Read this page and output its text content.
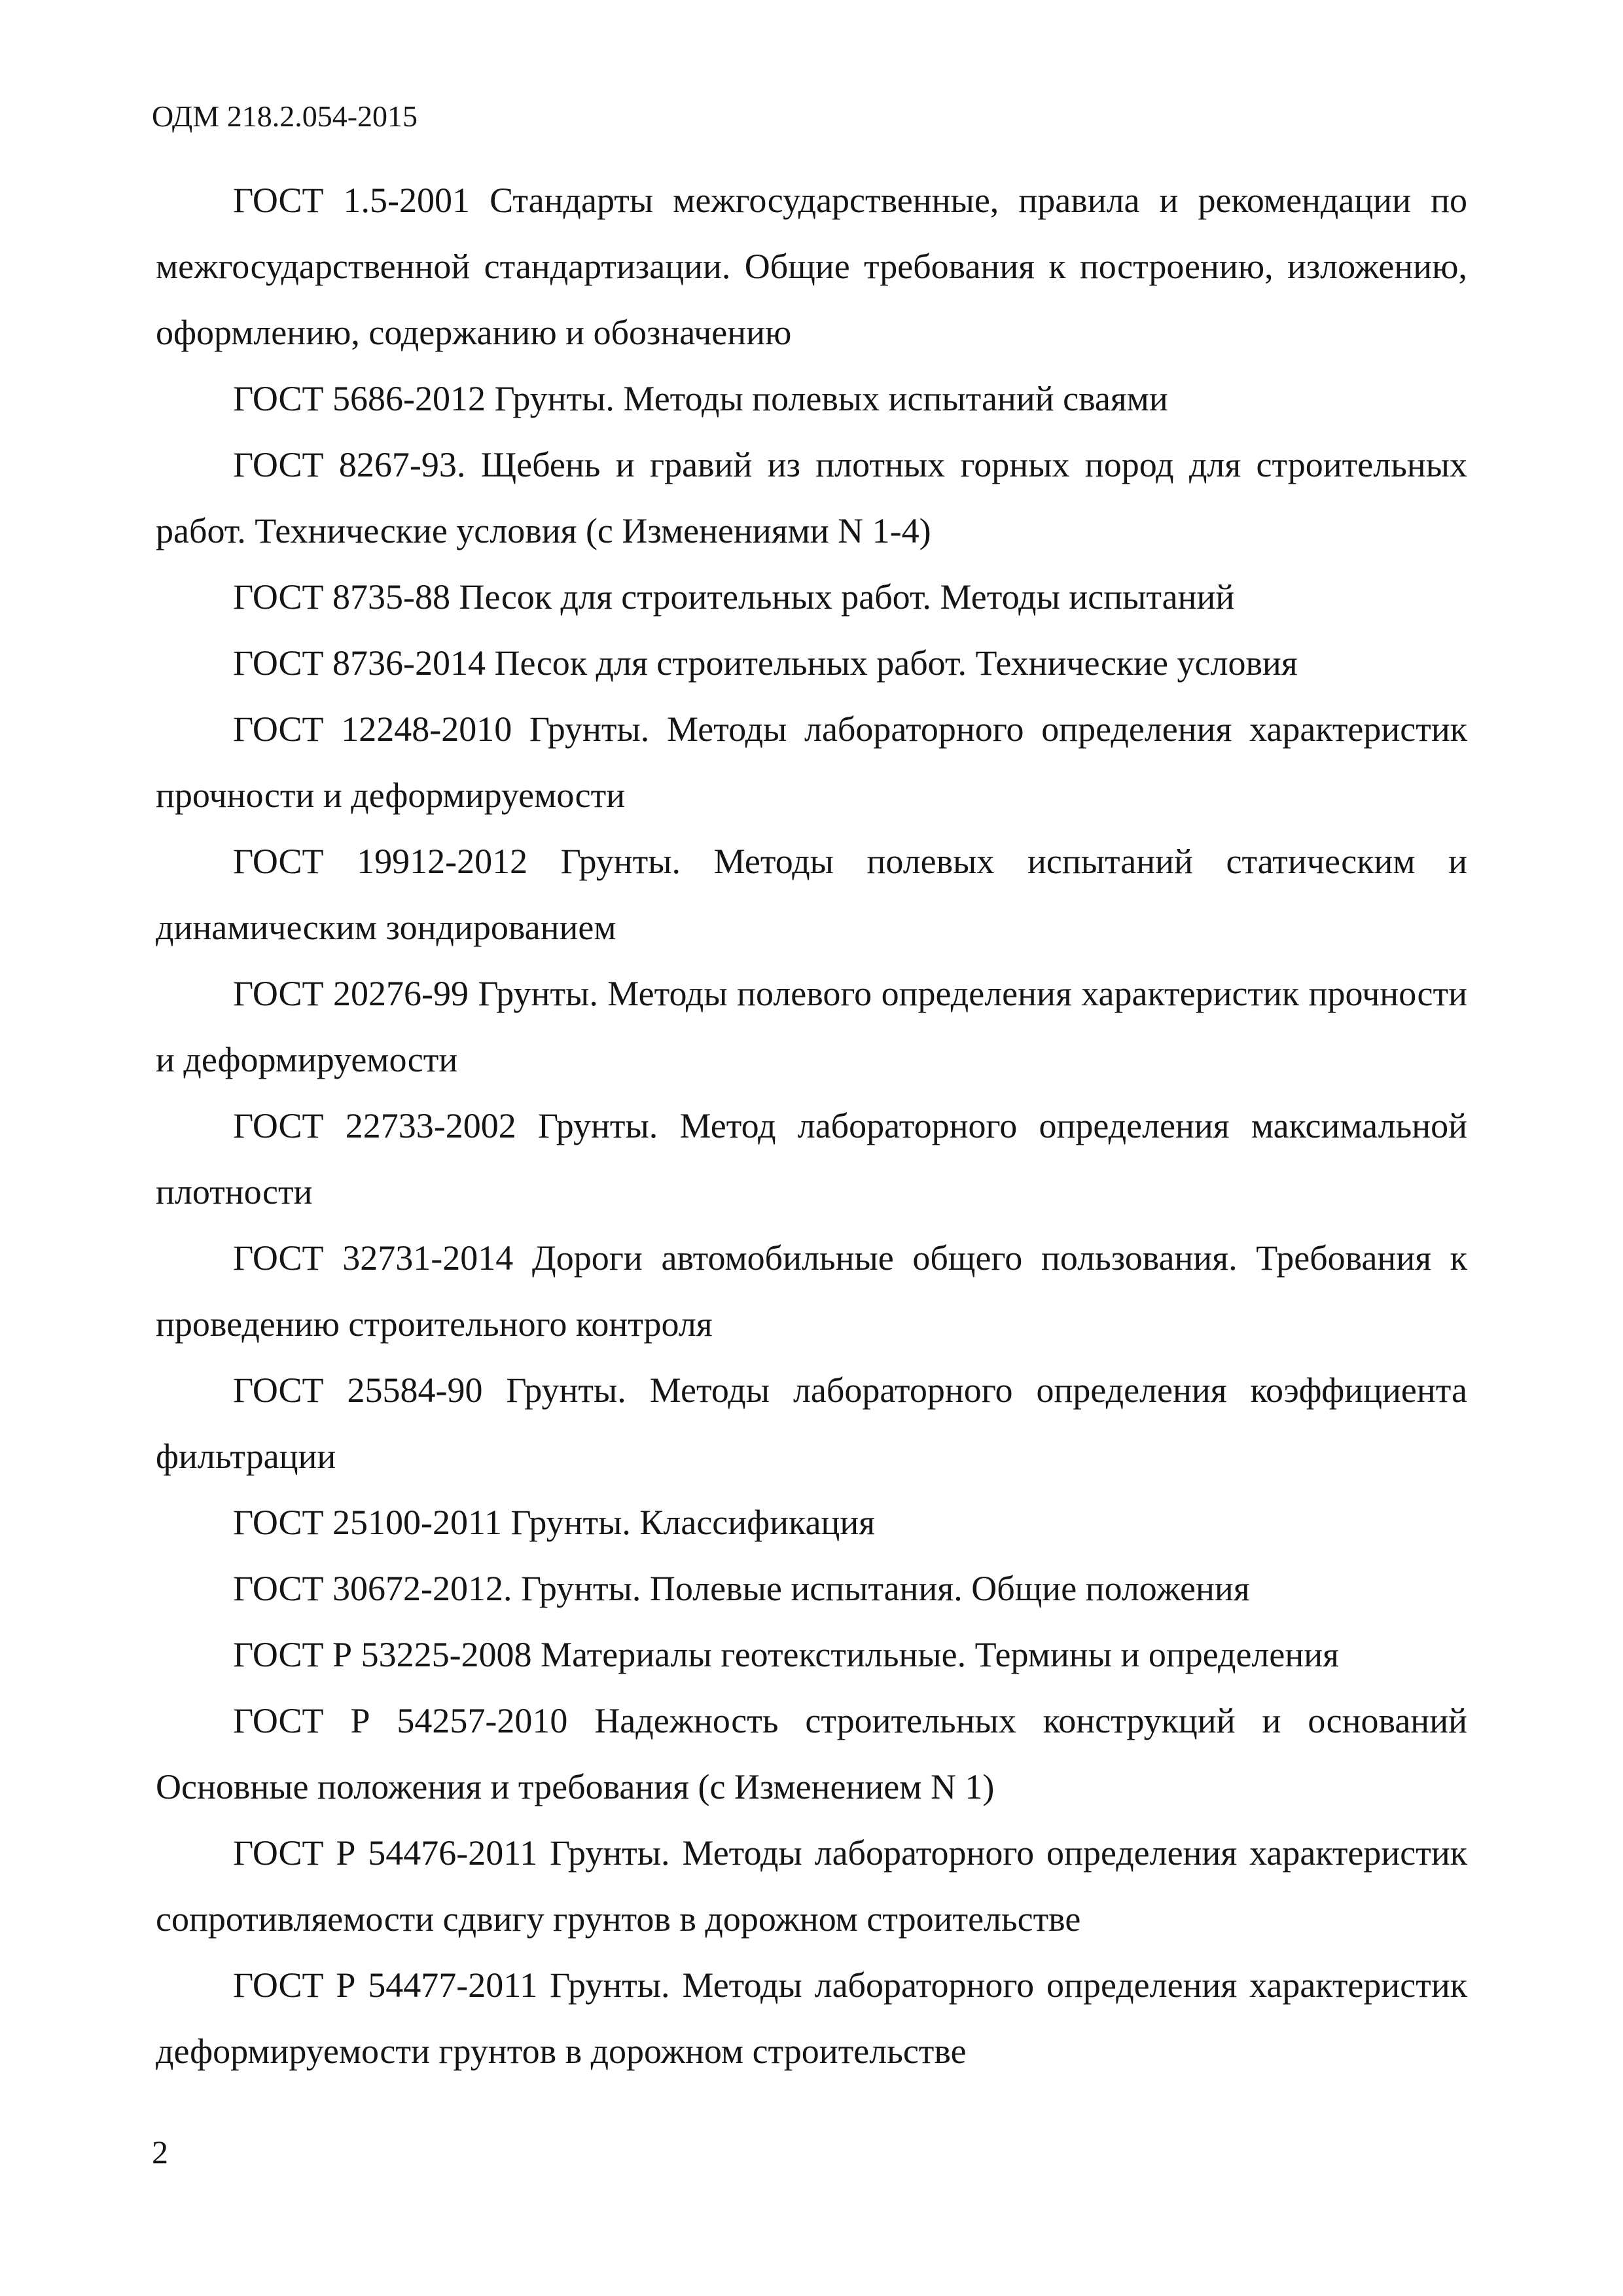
ОДМ 218.2.054-2015

ГОСТ 1.5-2001 Стандарты межгосударственные, правила и рекомендации по межгосударственной стандартизации. Общие требования к построению, изложению, оформлению, содержанию и обозначению

ГОСТ 5686-2012 Грунты. Методы полевых испытаний сваями

ГОСТ 8267-93. Щебень и гравий из плотных горных пород для строительных работ. Технические условия (с Изменениями N 1-4)

ГОСТ 8735-88 Песок для строительных работ. Методы испытаний

ГОСТ 8736-2014 Песок для строительных работ. Технические условия

ГОСТ 12248-2010 Грунты. Методы лабораторного определения характеристик прочности и деформируемости

ГОСТ 19912-2012 Грунты. Методы полевых испытаний статическим и динамическим зондированием

ГОСТ 20276-99 Грунты. Методы полевого определения характеристик прочности и деформируемости

ГОСТ 22733-2002 Грунты. Метод лабораторного определения максимальной плотности

ГОСТ 32731-2014 Дороги автомобильные общего пользования. Требования к проведению строительного контроля

ГОСТ 25584-90 Грунты. Методы лабораторного определения коэффициента фильтрации

ГОСТ 25100-2011 Грунты. Классификация

ГОСТ 30672-2012. Грунты. Полевые испытания. Общие положения

ГОСТ Р 53225-2008 Материалы геотекстильные. Термины и определения

ГОСТ Р 54257-2010 Надежность строительных конструкций и оснований Основные положения и требования (с Изменением N 1)

ГОСТ Р 54476-2011 Грунты. Методы лабораторного определения характеристик сопротивляемости сдвигу грунтов в дорожном строительстве

ГОСТ Р 54477-2011 Грунты. Методы лабораторного определения характеристик деформируемости грунтов в дорожном строительстве

2
